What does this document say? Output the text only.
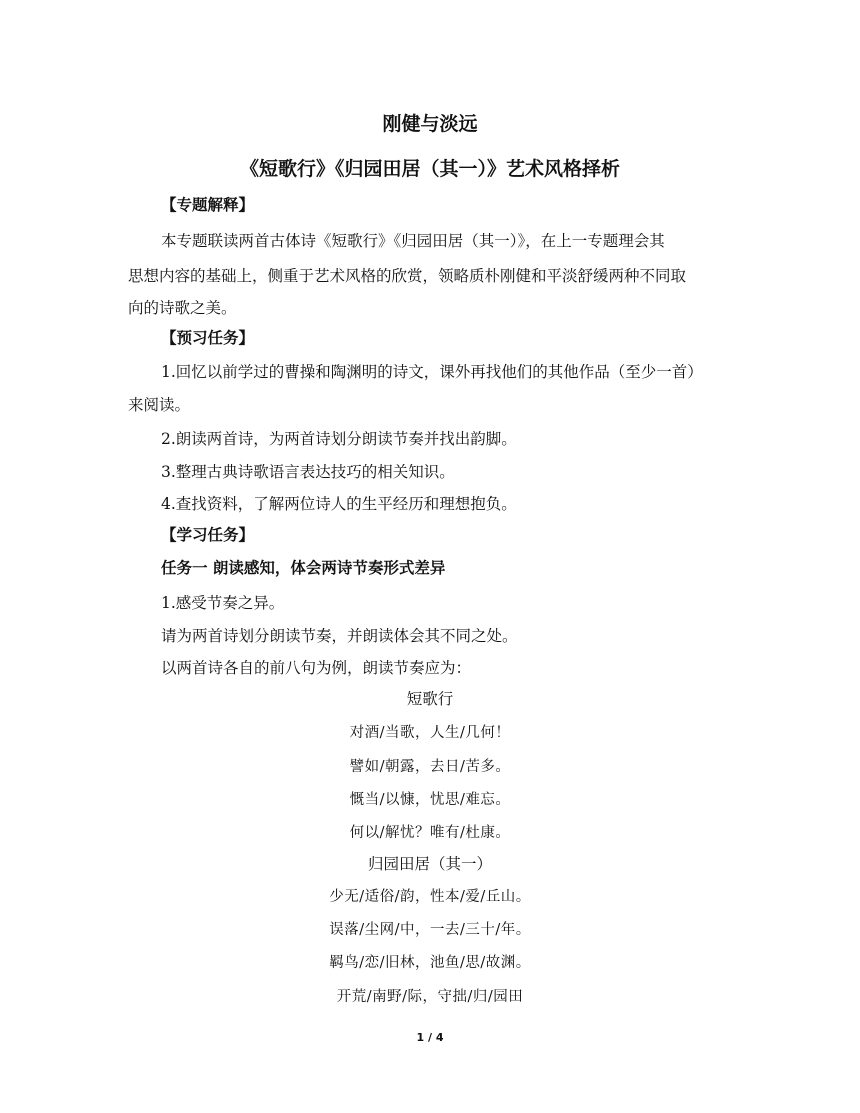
刚健与淡远
《短歌行》《归园田居（其一）》艺术风格择析
【专题解释】
本专题联读两首古体诗《短歌行》《归园田居（其一）》，在上一专题理会其
思想内容的基础上，侧重于艺术风格的欣赏，领略质朴刚健和平淡舒缓两种不同取
向的诗歌之美。
【预习任务】
1.回忆以前学过的曹操和陶渊明的诗文，课外再找他们的其他作品（至少一首）
来阅读。
2.朗读两首诗，为两首诗划分朗读节奏并找出韵脚。
3.整理古典诗歌语言表达技巧的相关知识。
4.查找资料，了解两位诗人的生平经历和理想抱负。
【学习任务】
任务一 朗读感知，体会两诗节奏形式差异
1.感受节奏之异。
请为两首诗划分朗读节奏，并朗读体会其不同之处。
以两首诗各自的前八句为例，朗读节奏应为：
短歌行
对酒/当歌，人生/几何！
譬如/朝露，去日/苦多。
慨当/以慷，忧思/难忘。
何以/解忧？唯有/杜康。
归园田居（其一）
少无/适俗/韵，性本/爱/丘山。
误落/尘网/中，一去/三十/年。
羁鸟/恋/旧林，池鱼/思/故渊。
开荒/南野/际，守拙/归/园田
1 / 4
